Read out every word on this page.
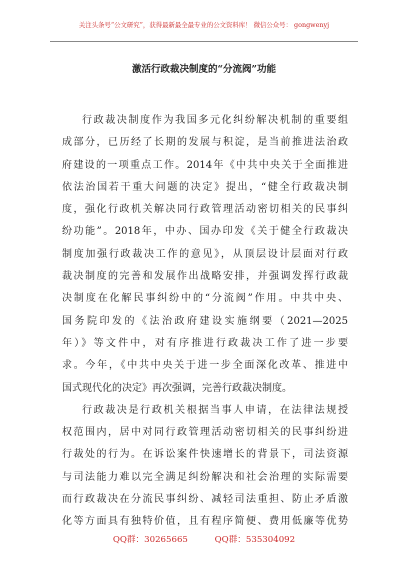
关注头条号“公文研究”，获得最新最全最专业的公文资料库！ 微信公众号： gongwenyj
激活行政裁决制度的“分流阀”功能
行政裁决制度作为我国多元化纠纷解决机制的重要组
成部分，已历经了长期的发展与积淀，是当前推进法治政
府建设的一项重点工作。2014年《中共中央关于全面推进
依法治国若干重大问题的决定》提出，“健全行政裁决制
度，强化行政机关解决同行政管理活动密切相关的民事纠
纷功能”。2018年，中办、国办印发《关于健全行政裁决
制度加强行政裁决工作的意见》，从顶层设计层面对行政
裁决制度的完善和发展作出战略安排，并强调发挥行政裁
决制度在化解民事纠纷中的“分流阀”作用。中共中央、
国务院印发的《法治政府建设实施纲要（2021—2025
年）》等文件中，对有序推进行政裁决工作了进一步要
求。今年，《中共中央关于进一步全面深化改革、推进中
国式现代化的决定》再次强调，完善行政裁决制度。
行政裁决是行政机关根据当事人申请，在法律法规授
权范围内，居中对同行政管理活动密切相关的民事纠纷进
行裁处的行为。在诉讼案件快速增长的背景下，司法资源
与司法能力难以完全满足纠纷解决和社会治理的实际需要
而行政裁决在分流民事纠纷、减轻司法重担、防止矛盾激
化等方面具有独特价值，且有程序简便、费用低廉等优势
QQ群：30265665	QQ群：535304092
